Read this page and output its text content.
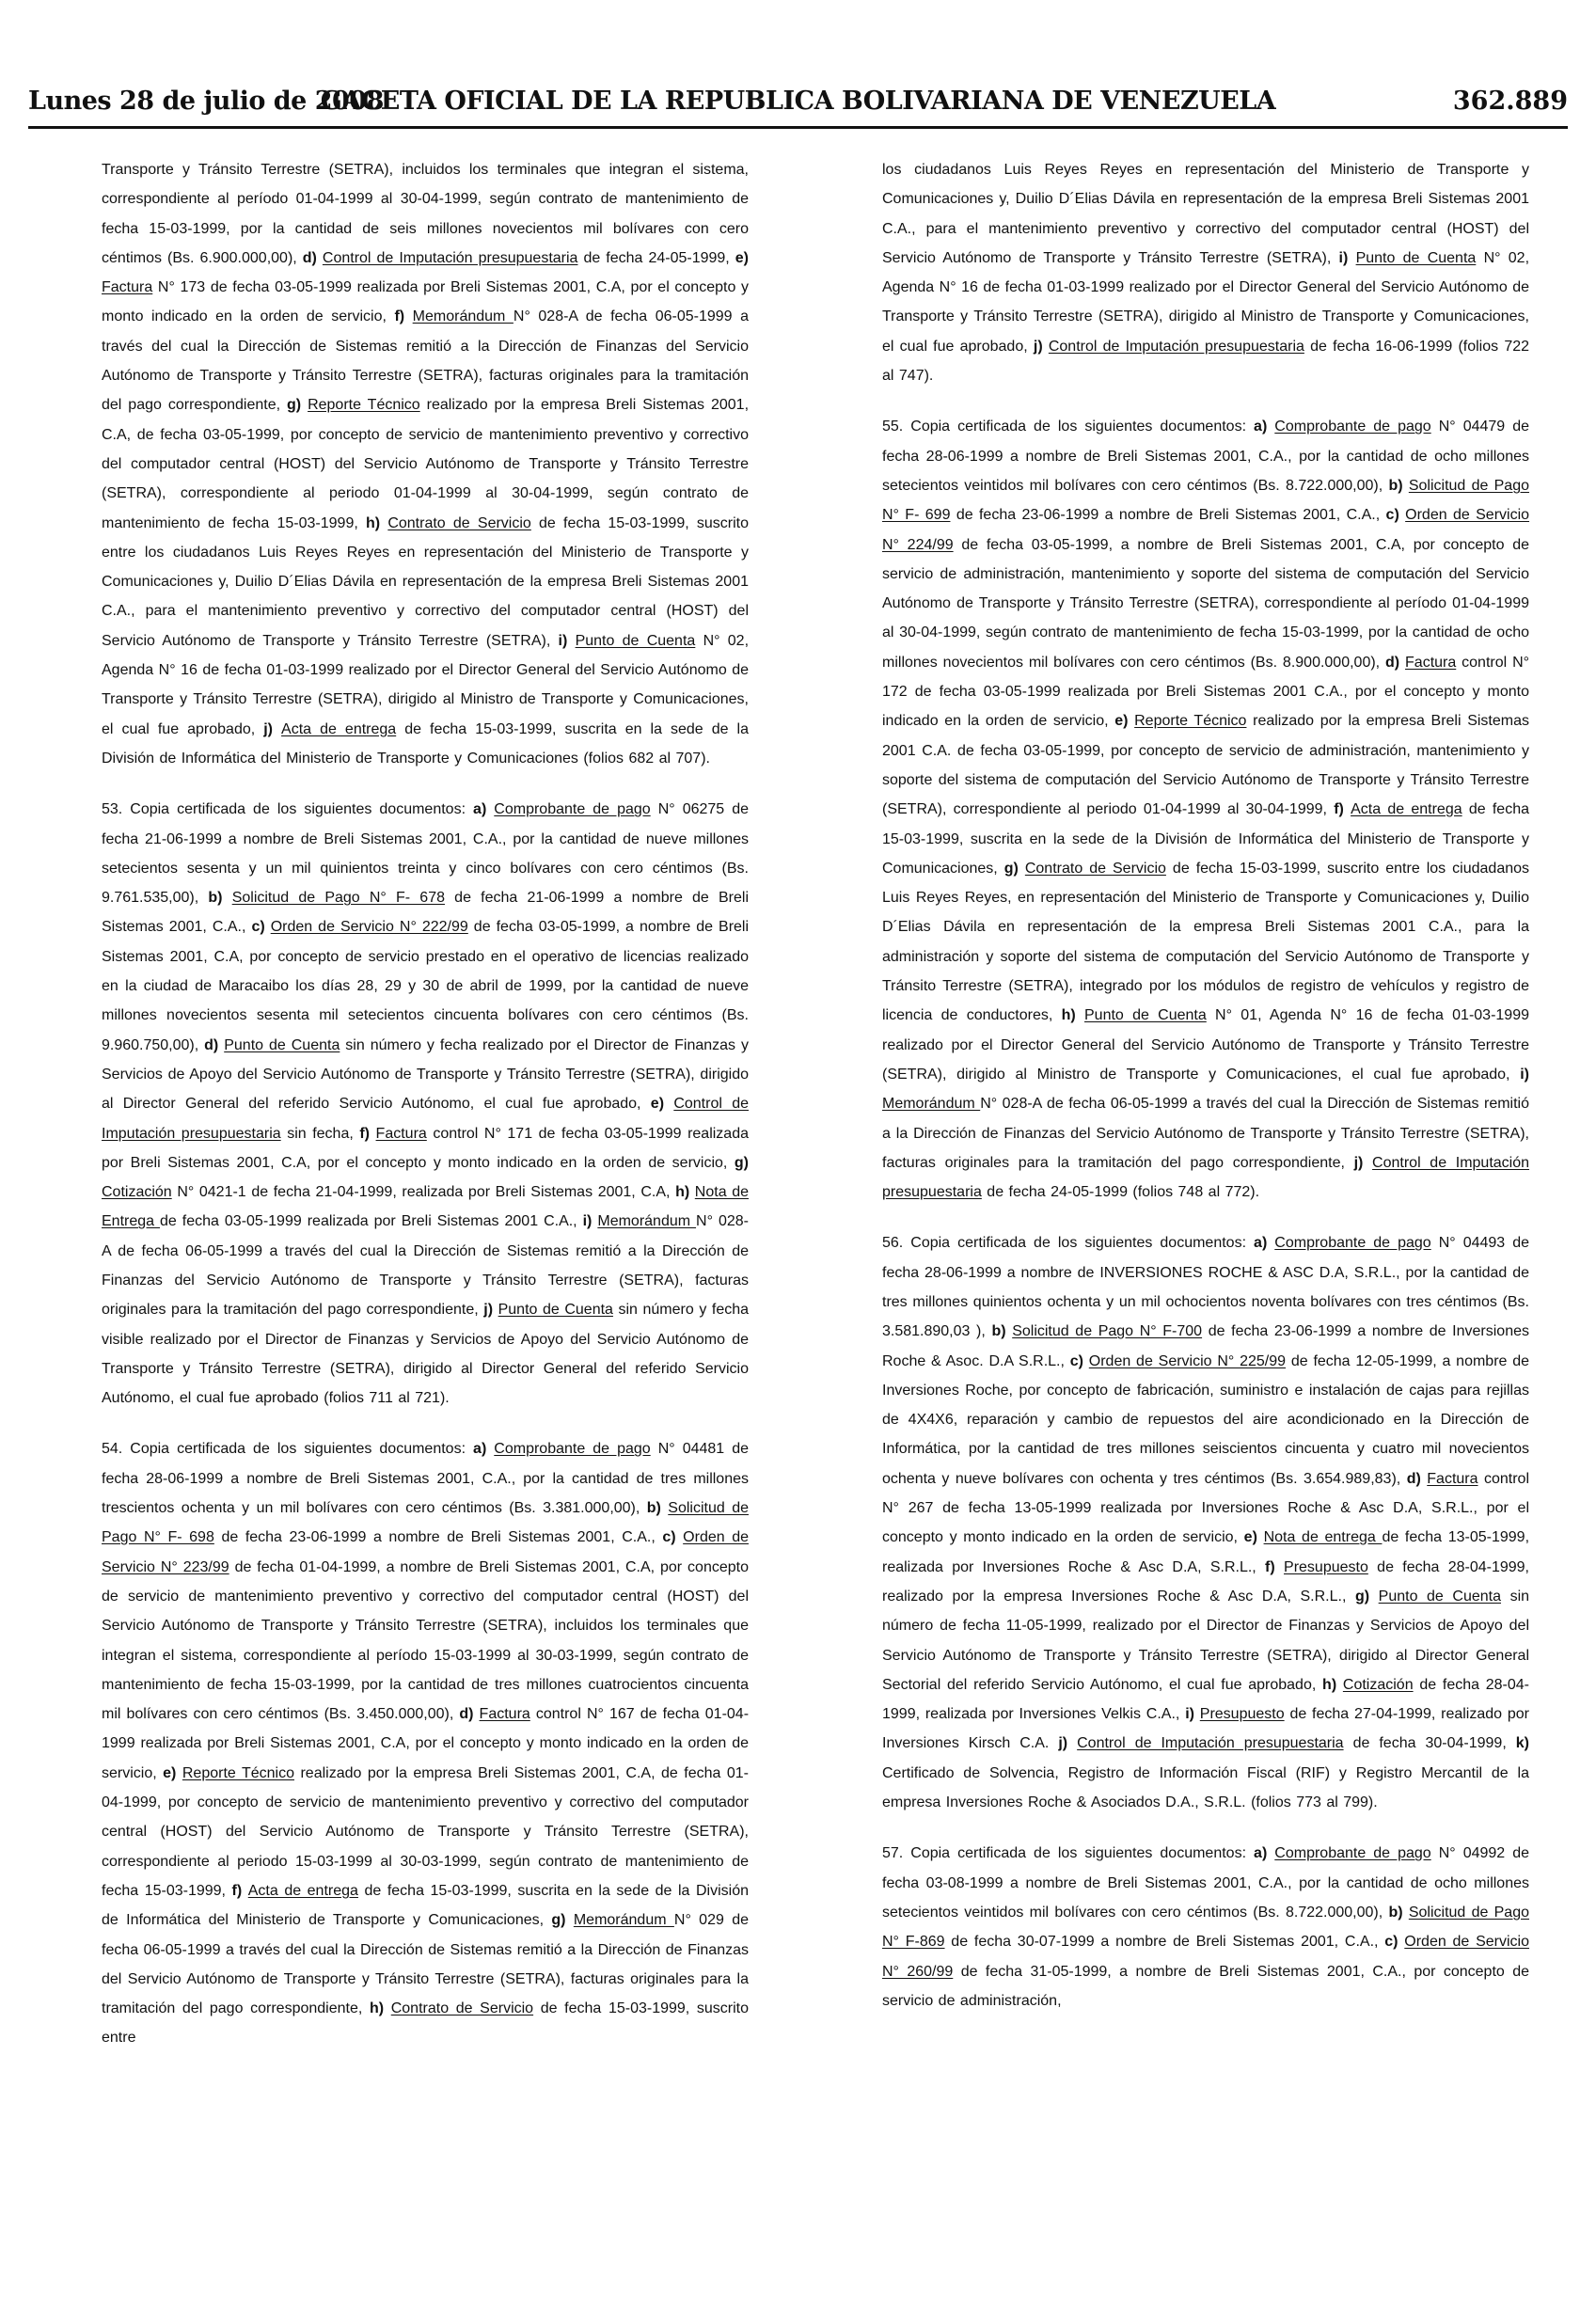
Lunes 28 de julio de 2008
GACETA OFICIAL DE LA REPUBLICA BOLIVARIANA DE VENEZUELA	362.889

Transporte y Tránsito Terrestre (SETRA), incluidos los terminales que integran el sistema, correspondiente al período 01-04-1999 al 30-04-1999, según contrato de mantenimiento de fecha 15-03-1999, por la cantidad de seis millones novecientos mil bolívares con cero céntimos (Bs. 6.900.000,00), d) Control de Imputación presupuestaria de fecha 24-05-1999, e) Factura N° 173 de fecha 03-05-1999 realizada por Breli Sistemas 2001, C.A, por el concepto y monto indicado en la orden de servicio, f) Memorándum N° 028-A de fecha 06-05-1999 a través del cual la Dirección de Sistemas remitió a la Dirección de Finanzas del Servicio Autónomo de Transporte y Tránsito Terrestre (SETRA), facturas originales para la tramitación del pago correspondiente, g) Reporte Técnico realizado por la empresa Breli Sistemas 2001, C.A, de fecha 03-05-1999, por concepto de servicio de mantenimiento preventivo y correctivo del computador central (HOST) del Servicio Autónomo de Transporte y Tránsito Terrestre (SETRA), correspondiente al periodo 01-04-1999 al 30-04-1999, según contrato de mantenimiento de fecha 15-03-1999, h) Contrato de Servicio de fecha 15-03-1999, suscrito entre los ciudadanos Luis Reyes Reyes en representación del Ministerio de Transporte y Comunicaciones y, Duilio D´Elias Dávila en representación de la empresa Breli Sistemas 2001 C.A., para el mantenimiento preventivo y correctivo del computador central (HOST) del Servicio Autónomo de Transporte y Tránsito Terrestre (SETRA), i) Punto de Cuenta N° 02, Agenda N° 16 de fecha 01-03-1999 realizado por el Director General del Servicio Autónomo de Transporte y Tránsito Terrestre (SETRA), dirigido al Ministro de Transporte y Comunicaciones, el cual fue aprobado, j) Acta de entrega de fecha 15-03-1999, suscrita en la sede de la División de Informática del Ministerio de Transporte y Comunicaciones (folios 682 al 707).

53. Copia certificada de los siguientes documentos: a) Comprobante de pago N° 06275 de fecha 21-06-1999 a nombre de Breli Sistemas 2001, C.A., por la cantidad de nueve millones setecientos sesenta y un mil quinientos treinta y cinco bolívares con cero céntimos (Bs. 9.761.535,00), b) Solicitud de Pago N° F- 678 de fecha 21-06-1999 a nombre de Breli Sistemas 2001, C.A., c) Orden de Servicio N° 222/99 de fecha 03-05-1999, a nombre de Breli Sistemas 2001, C.A, por concepto de servicio prestado en el operativo de licencias realizado en la ciudad de Maracaibo los días 28, 29 y 30 de abril de 1999, por la cantidad de nueve millones novecientos sesenta mil setecientos cincuenta bolívares con cero céntimos (Bs. 9.960.750,00), d) Punto de Cuenta sin número y fecha realizado por el Director de Finanzas y Servicios de Apoyo del Servicio Autónomo de Transporte y Tránsito Terrestre (SETRA), dirigido al Director General del referido Servicio Autónomo, el cual fue aprobado, e) Control de Imputación presupuestaria sin fecha, f) Factura control N° 171 de fecha 03-05-1999 realizada por Breli Sistemas 2001, C.A, por el concepto y monto indicado en la orden de servicio, g) Cotización N° 0421-1 de fecha 21-04-1999, realizada por Breli Sistemas 2001, C.A, h) Nota de Entrega de fecha 03-05-1999 realizada por Breli Sistemas 2001 C.A., i) Memorándum N° 028-A de fecha 06-05-1999 a través del cual la Dirección de Sistemas remitió a la Dirección de Finanzas del Servicio Autónomo de Transporte y Tránsito Terrestre (SETRA), facturas originales para la tramitación del pago correspondiente, j) Punto de Cuenta sin número y fecha visible realizado por el Director de Finanzas y Servicios de Apoyo del Servicio Autónomo de Transporte y Tránsito Terrestre (SETRA), dirigido al Director General del referido Servicio Autónomo, el cual fue aprobado (folios 711 al 721).

54. Copia certificada de los siguientes documentos: a) Comprobante de pago N° 04481 de fecha 28-06-1999 a nombre de Breli Sistemas 2001, C.A., por la cantidad de tres millones trescientos ochenta y un mil bolívares con cero céntimos (Bs. 3.381.000,00), b) Solicitud de Pago N° F- 698 de fecha 23-06-1999 a nombre de Breli Sistemas 2001, C.A., c) Orden de Servicio N° 223/99 de fecha 01-04-1999, a nombre de Breli Sistemas 2001, C.A, por concepto de servicio de mantenimiento preventivo y correctivo del computador central (HOST) del Servicio Autónomo de Transporte y Tránsito Terrestre (SETRA), incluidos los terminales que integran el sistema, correspondiente al período 15-03-1999 al 30-03-1999, según contrato de mantenimiento de fecha 15-03-1999, por la cantidad de tres millones cuatrocientos cincuenta mil bolívares con cero céntimos (Bs. 3.450.000,00), d) Factura control N° 167 de fecha 01-04-1999 realizada por Breli Sistemas 2001, C.A, por el concepto y monto indicado en la orden de servicio, e) Reporte Técnico realizado por la empresa Breli Sistemas 2001, C.A, de fecha 01-04-1999, por concepto de servicio de mantenimiento preventivo y correctivo del computador central (HOST) del Servicio Autónomo de Transporte y Tránsito Terrestre (SETRA), correspondiente al periodo 15-03-1999 al 30-03-1999, según contrato de mantenimiento de fecha 15-03-1999, f) Acta de entrega de fecha 15-03-1999, suscrita en la sede de la División de Informática del Ministerio de Transporte y Comunicaciones, g) Memorándum N° 029 de fecha 06-05-1999 a través del cual la Dirección de Sistemas remitió a la Dirección de Finanzas del Servicio Autónomo de Transporte y Tránsito Terrestre (SETRA), facturas originales para la tramitación del pago correspondiente, h) Contrato de Servicio de fecha 15-03-1999, suscrito entre

los ciudadanos Luis Reyes Reyes en representación del Ministerio de Transporte y Comunicaciones y, Duilio D´Elias Dávila en representación de la empresa Breli Sistemas 2001 C.A., para el mantenimiento preventivo y correctivo del computador central (HOST) del Servicio Autónomo de Transporte y Tránsito Terrestre (SETRA), i) Punto de Cuenta N° 02, Agenda N° 16 de fecha 01-03-1999 realizado por el Director General del Servicio Autónomo de Transporte y Tránsito Terrestre (SETRA), dirigido al Ministro de Transporte y Comunicaciones, el cual fue aprobado, j) Control de Imputación presupuestaria de fecha 16-06-1999 (folios 722 al 747).

55. Copia certificada de los siguientes documentos: a) Comprobante de pago N° 04479 de fecha 28-06-1999 a nombre de Breli Sistemas 2001, C.A., por la cantidad de ocho millones setecientos veintidos mil bolívares con cero céntimos (Bs. 8.722.000,00), b) Solicitud de Pago N° F- 699 de fecha 23-06-1999 a nombre de Breli Sistemas 2001, C.A., c) Orden de Servicio N° 224/99 de fecha 03-05-1999, a nombre de Breli Sistemas 2001, C.A, por concepto de servicio de administración, mantenimiento y soporte del sistema de computación del Servicio Autónomo de Transporte y Tránsito Terrestre (SETRA), correspondiente al período 01-04-1999 al 30-04-1999, según contrato de mantenimiento de fecha 15-03-1999, por la cantidad de ocho millones novecientos mil bolívares con cero céntimos (Bs. 8.900.000,00), d) Factura control N° 172 de fecha 03-05-1999 realizada por Breli Sistemas 2001 C.A., por el concepto y monto indicado en la orden de servicio, e) Reporte Técnico realizado por la empresa Breli Sistemas 2001 C.A. de fecha 03-05-1999, por concepto de servicio de administración, mantenimiento y soporte del sistema de computación del Servicio Autónomo de Transporte y Tránsito Terrestre (SETRA), correspondiente al periodo 01-04-1999 al 30-04-1999, f) Acta de entrega de fecha 15-03-1999, suscrita en la sede de la División de Informática del Ministerio de Transporte y Comunicaciones, g) Contrato de Servicio de fecha 15-03-1999, suscrito entre los ciudadanos Luis Reyes Reyes, en representación del Ministerio de Transporte y Comunicaciones y, Duilio D´Elias Dávila en representación de la empresa Breli Sistemas 2001 C.A., para la administración y soporte del sistema de computación del Servicio Autónomo de Transporte y Tránsito Terrestre (SETRA), integrado por los módulos de registro de vehículos y registro de licencia de conductores, h) Punto de Cuenta N° 01, Agenda N° 16 de fecha 01-03-1999 realizado por el Director General del Servicio Autónomo de Transporte y Tránsito Terrestre (SETRA), dirigido al Ministro de Transporte y Comunicaciones, el cual fue aprobado, i) Memorándum N° 028-A de fecha 06-05-1999 a través del cual la Dirección de Sistemas remitió a la Dirección de Finanzas del Servicio Autónomo de Transporte y Tránsito Terrestre (SETRA), facturas originales para la tramitación del pago correspondiente, j) Control de Imputación presupuestaria de fecha 24-05-1999 (folios 748 al 772).

56. Copia certificada de los siguientes documentos: a) Comprobante de pago N° 04493 de fecha 28-06-1999 a nombre de INVERSIONES ROCHE & ASC D.A, S.R.L., por la cantidad de tres millones quinientos ochenta y un mil ochocientos noventa bolívares con tres céntimos (Bs. 3.581.890,03 ), b) Solicitud de Pago N° F-700 de fecha 23-06-1999 a nombre de Inversiones Roche & Asoc. D.A S.R.L., c) Orden de Servicio N° 225/99 de fecha 12-05-1999, a nombre de Inversiones Roche, por concepto de fabricación, suministro e instalación de cajas para rejillas de 4X4X6, reparación y cambio de repuestos del aire acondicionado en la Dirección de Informática, por la cantidad de tres millones seiscientos cincuenta y cuatro mil novecientos ochenta y nueve bolívares con ochenta y tres céntimos (Bs. 3.654.989,83), d) Factura control N° 267 de fecha 13-05-1999 realizada por Inversiones Roche & Asc D.A, S.R.L., por el concepto y monto indicado en la orden de servicio, e) Nota de entrega de fecha 13-05-1999, realizada por Inversiones Roche & Asc D.A, S.R.L., f) Presupuesto de fecha 28-04-1999, realizado por la empresa Inversiones Roche & Asc D.A, S.R.L., g) Punto de Cuenta sin número de fecha 11-05-1999, realizado por el Director de Finanzas y Servicios de Apoyo del Servicio Autónomo de Transporte y Tránsito Terrestre (SETRA), dirigido al Director General Sectorial del referido Servicio Autónomo, el cual fue aprobado, h) Cotización de fecha 28-04-1999, realizada por Inversiones Velkis C.A., i) Presupuesto de fecha 27-04-1999, realizado por Inversiones Kirsch C.A. j) Control de Imputación presupuestaria de fecha 30-04-1999, k) Certificado de Solvencia, Registro de Información Fiscal (RIF) y Registro Mercantil de la empresa Inversiones Roche & Asociados D.A., S.R.L. (folios 773 al 799).

57. Copia certificada de los siguientes documentos: a) Comprobante de pago N° 04992 de fecha 03-08-1999 a nombre de Breli Sistemas 2001, C.A., por la cantidad de ocho millones setecientos veintidos mil bolívares con cero céntimos (Bs. 8.722.000,00), b) Solicitud de Pago N° F-869 de fecha 30-07-1999 a nombre de Breli Sistemas 2001, C.A., c) Orden de Servicio N° 260/99 de fecha 31-05-1999, a nombre de Breli Sistemas 2001, C.A., por concepto de servicio de administración,
